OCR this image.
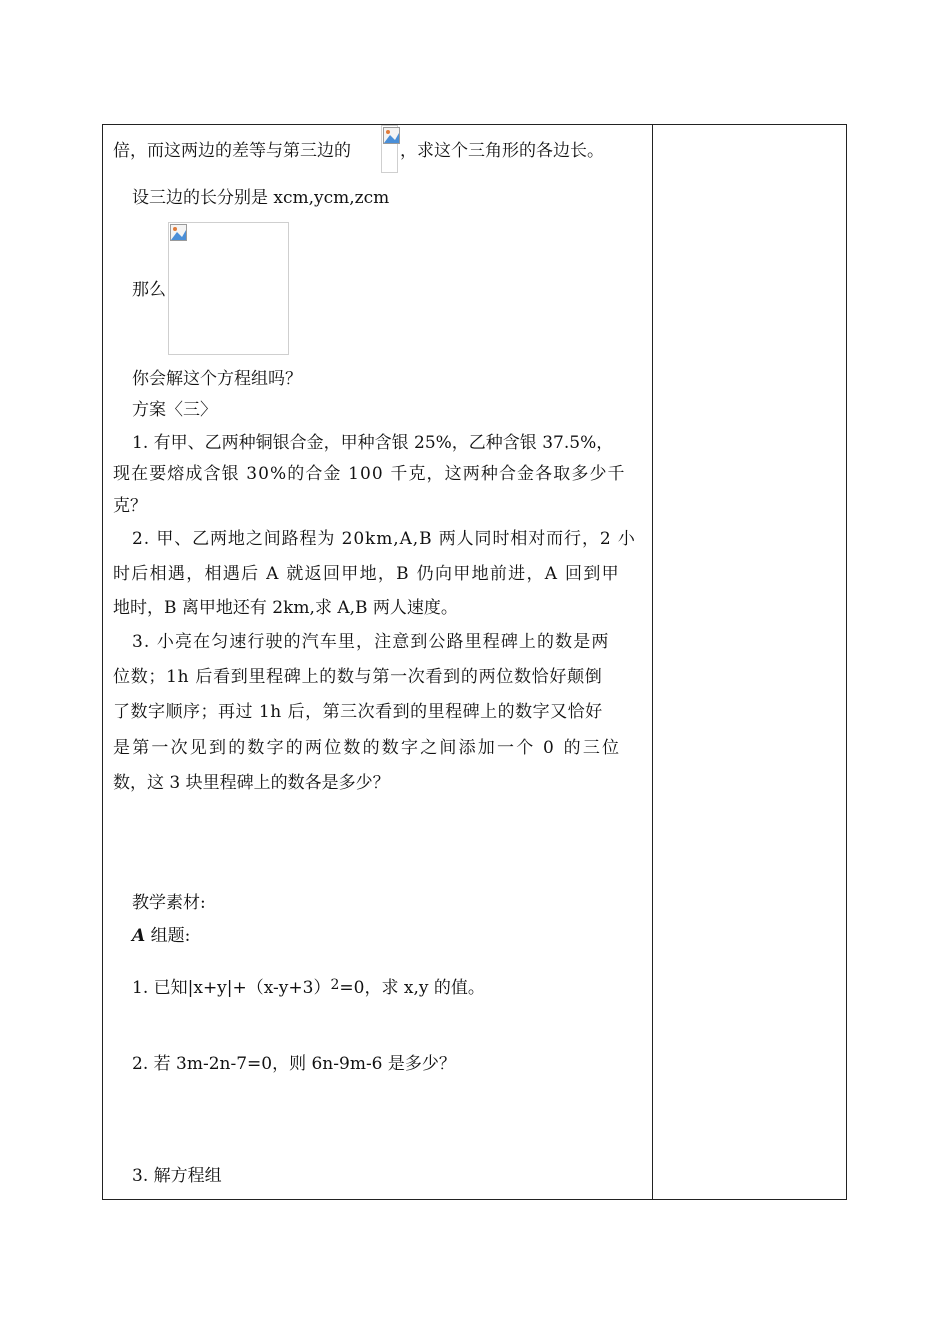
倍，而这两边的差等与第三边的	，求这个三角形的各边长。
设三边的长分别是 xcm,ycm,zcm
那么
你会解这个方程组吗？
方案〈三〉
1. 有甲、乙两种铜银合金，甲种含银 25%，乙种含银 37.5%，
现在要熔成含银 30%的合金 100 千克，这两种合金各取多少千
克？
2. 甲、乙两地之间路程为 20km,A,B 两人同时相对而行，2 小
时后相遇，相遇后 A 就返回甲地，B 仍向甲地前进，A 回到甲
地时，B 离甲地还有 2km,求 A,B 两人速度。
3. 小亮在匀速行驶的汽车里，注意到公路里程碑上的数是两
位数；1h 后看到里程碑上的数与第一次看到的两位数恰好颠倒
了数字顺序；再过 1h 后，第三次看到的里程碑上的数字又恰好
是第一次见到的数字的两位数的数字之间添加一个 0 的三位
数，这 3 块里程碑上的数各是多少？
教学素材:
A 组题:
1. 已知$|x+y|+(x-y+3)^2=0$，求 x,y 的值。
2. 若 3m-2n-7=0，则 6n-9m-6 是多少？
3. 解方程组
